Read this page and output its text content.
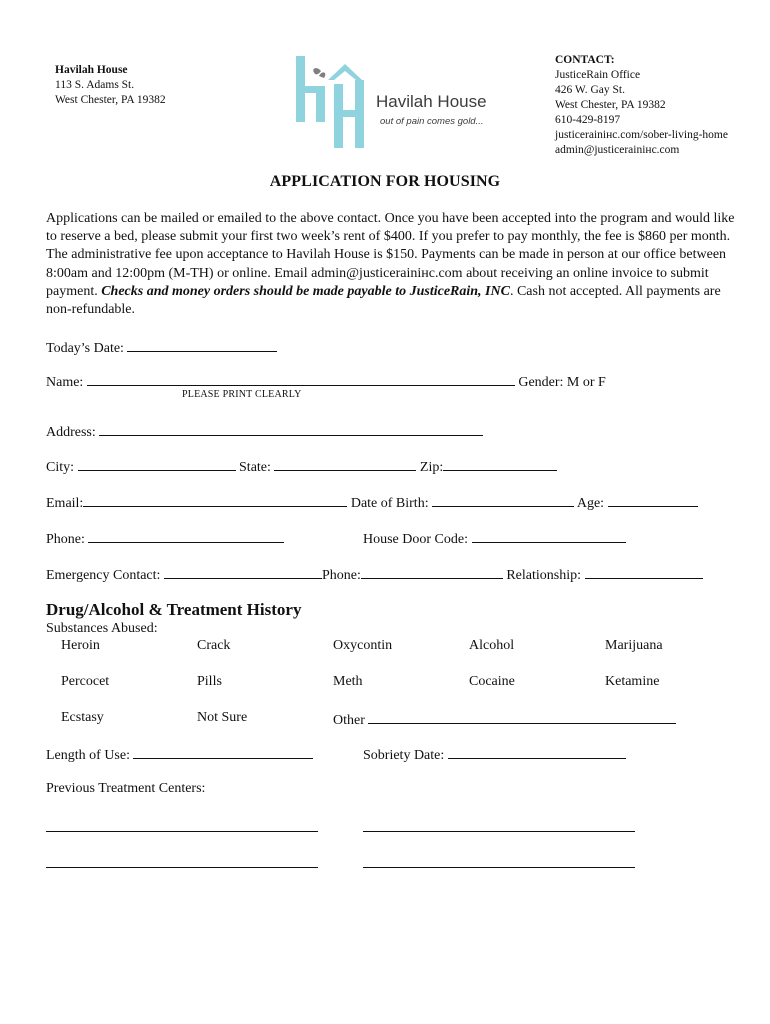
Havilah House
113 S. Adams St.
West Chester, PA 19382	Havilah House
out of pain comes gold...
CONTACT:
JusticeRain Office
426 W. Gay St.
West Chester, PA 19382
610-429-8197
justicerainінc.com/sober-living-home
admin@justicerainінc.com
APPLICATION FOR HOUSING
Applications can be mailed or emailed to the above contact. Once you have been accepted into the program and would like to reserve a bed, please submit your first two week’s rent of $400. If you prefer to pay monthly, the fee is $860 per month. The administrative fee upon acceptance to Havilah House is $150. Payments can be made in person at our office between 8:00am and 12:00pm (M-TH) or online. Email admin@justicerainінc.com about receiving an online invoice to submit payment. Checks and money orders should be made payable to JusticeRain, INC. Cash not accepted. All payments are non-refundable.
Today’s Date:
Name:	Gender: M or F
PLEASE PRINT CLEARLY
Address:
City:	State:	Zip:
Email:	Date of Birth:	Age:
Phone:	House Door Code:
Emergency Contact:	Phone:	Relationship:
Drug/Alcohol & Treatment History
Substances Abused:
Heroin	Crack	Oxycontin	Alcohol	Marijuana
Percocet	Pills	Meth	Cocaine	Ketamine
Ecstasy	Not Sure	Other
Length of Use:	Sobriety Date:
Previous Treatment Centers:
